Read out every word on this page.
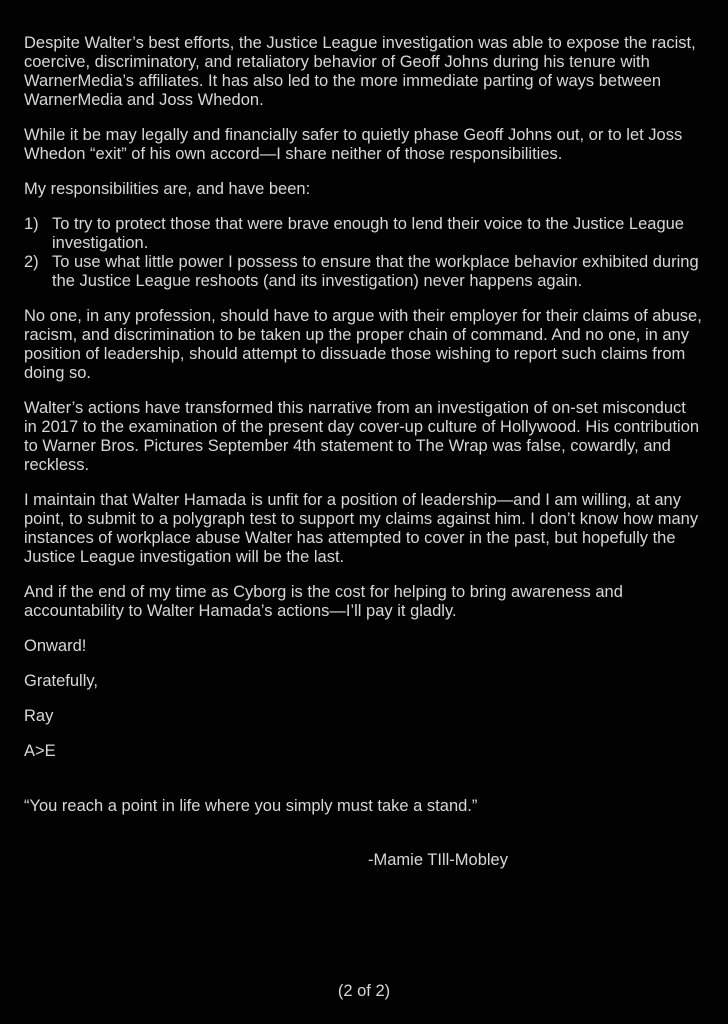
Despite Walter’s best efforts, the Justice League investigation was able to expose the racist, coercive, discriminatory, and retaliatory behavior of Geoff Johns during his tenure with WarnerMedia’s affiliates. It has also led to the more immediate parting of ways between WarnerMedia and Joss Whedon.

While it be may legally and financially safer to quietly phase Geoff Johns out, or to let Joss Whedon “exit” of his own accord—I share neither of those responsibilities.

My responsibilities are, and have been:

1) To try to protect those that were brave enough to lend their voice to the Justice League investigation.
2) To use what little power I possess to ensure that the workplace behavior exhibited during the Justice League reshoots (and its investigation) never happens again.

No one, in any profession, should have to argue with their employer for their claims of abuse, racism, and discrimination to be taken up the proper chain of command. And no one, in any position of leadership, should attempt to dissuade those wishing to report such claims from doing so.

Walter’s actions have transformed this narrative from an investigation of on-set misconduct in 2017 to the examination of the present day cover-up culture of Hollywood. His contribution to Warner Bros. Pictures September 4th statement to The Wrap was false, cowardly, and reckless.

I maintain that Walter Hamada is unfit for a position of leadership—and I am willing, at any point, to submit to a polygraph test to support my claims against him. I don’t know how many instances of workplace abuse Walter has attempted to cover in the past, but hopefully the Justice League investigation will be the last.

And if the end of my time as Cyborg is the cost for helping to bring awareness and accountability to Walter Hamada’s actions—I’ll pay it gladly.

Onward!

Gratefully,

Ray

A>E

“You reach a point in life where you simply must take a stand.”

-Mamie TIll-Mobley

(2 of 2)
